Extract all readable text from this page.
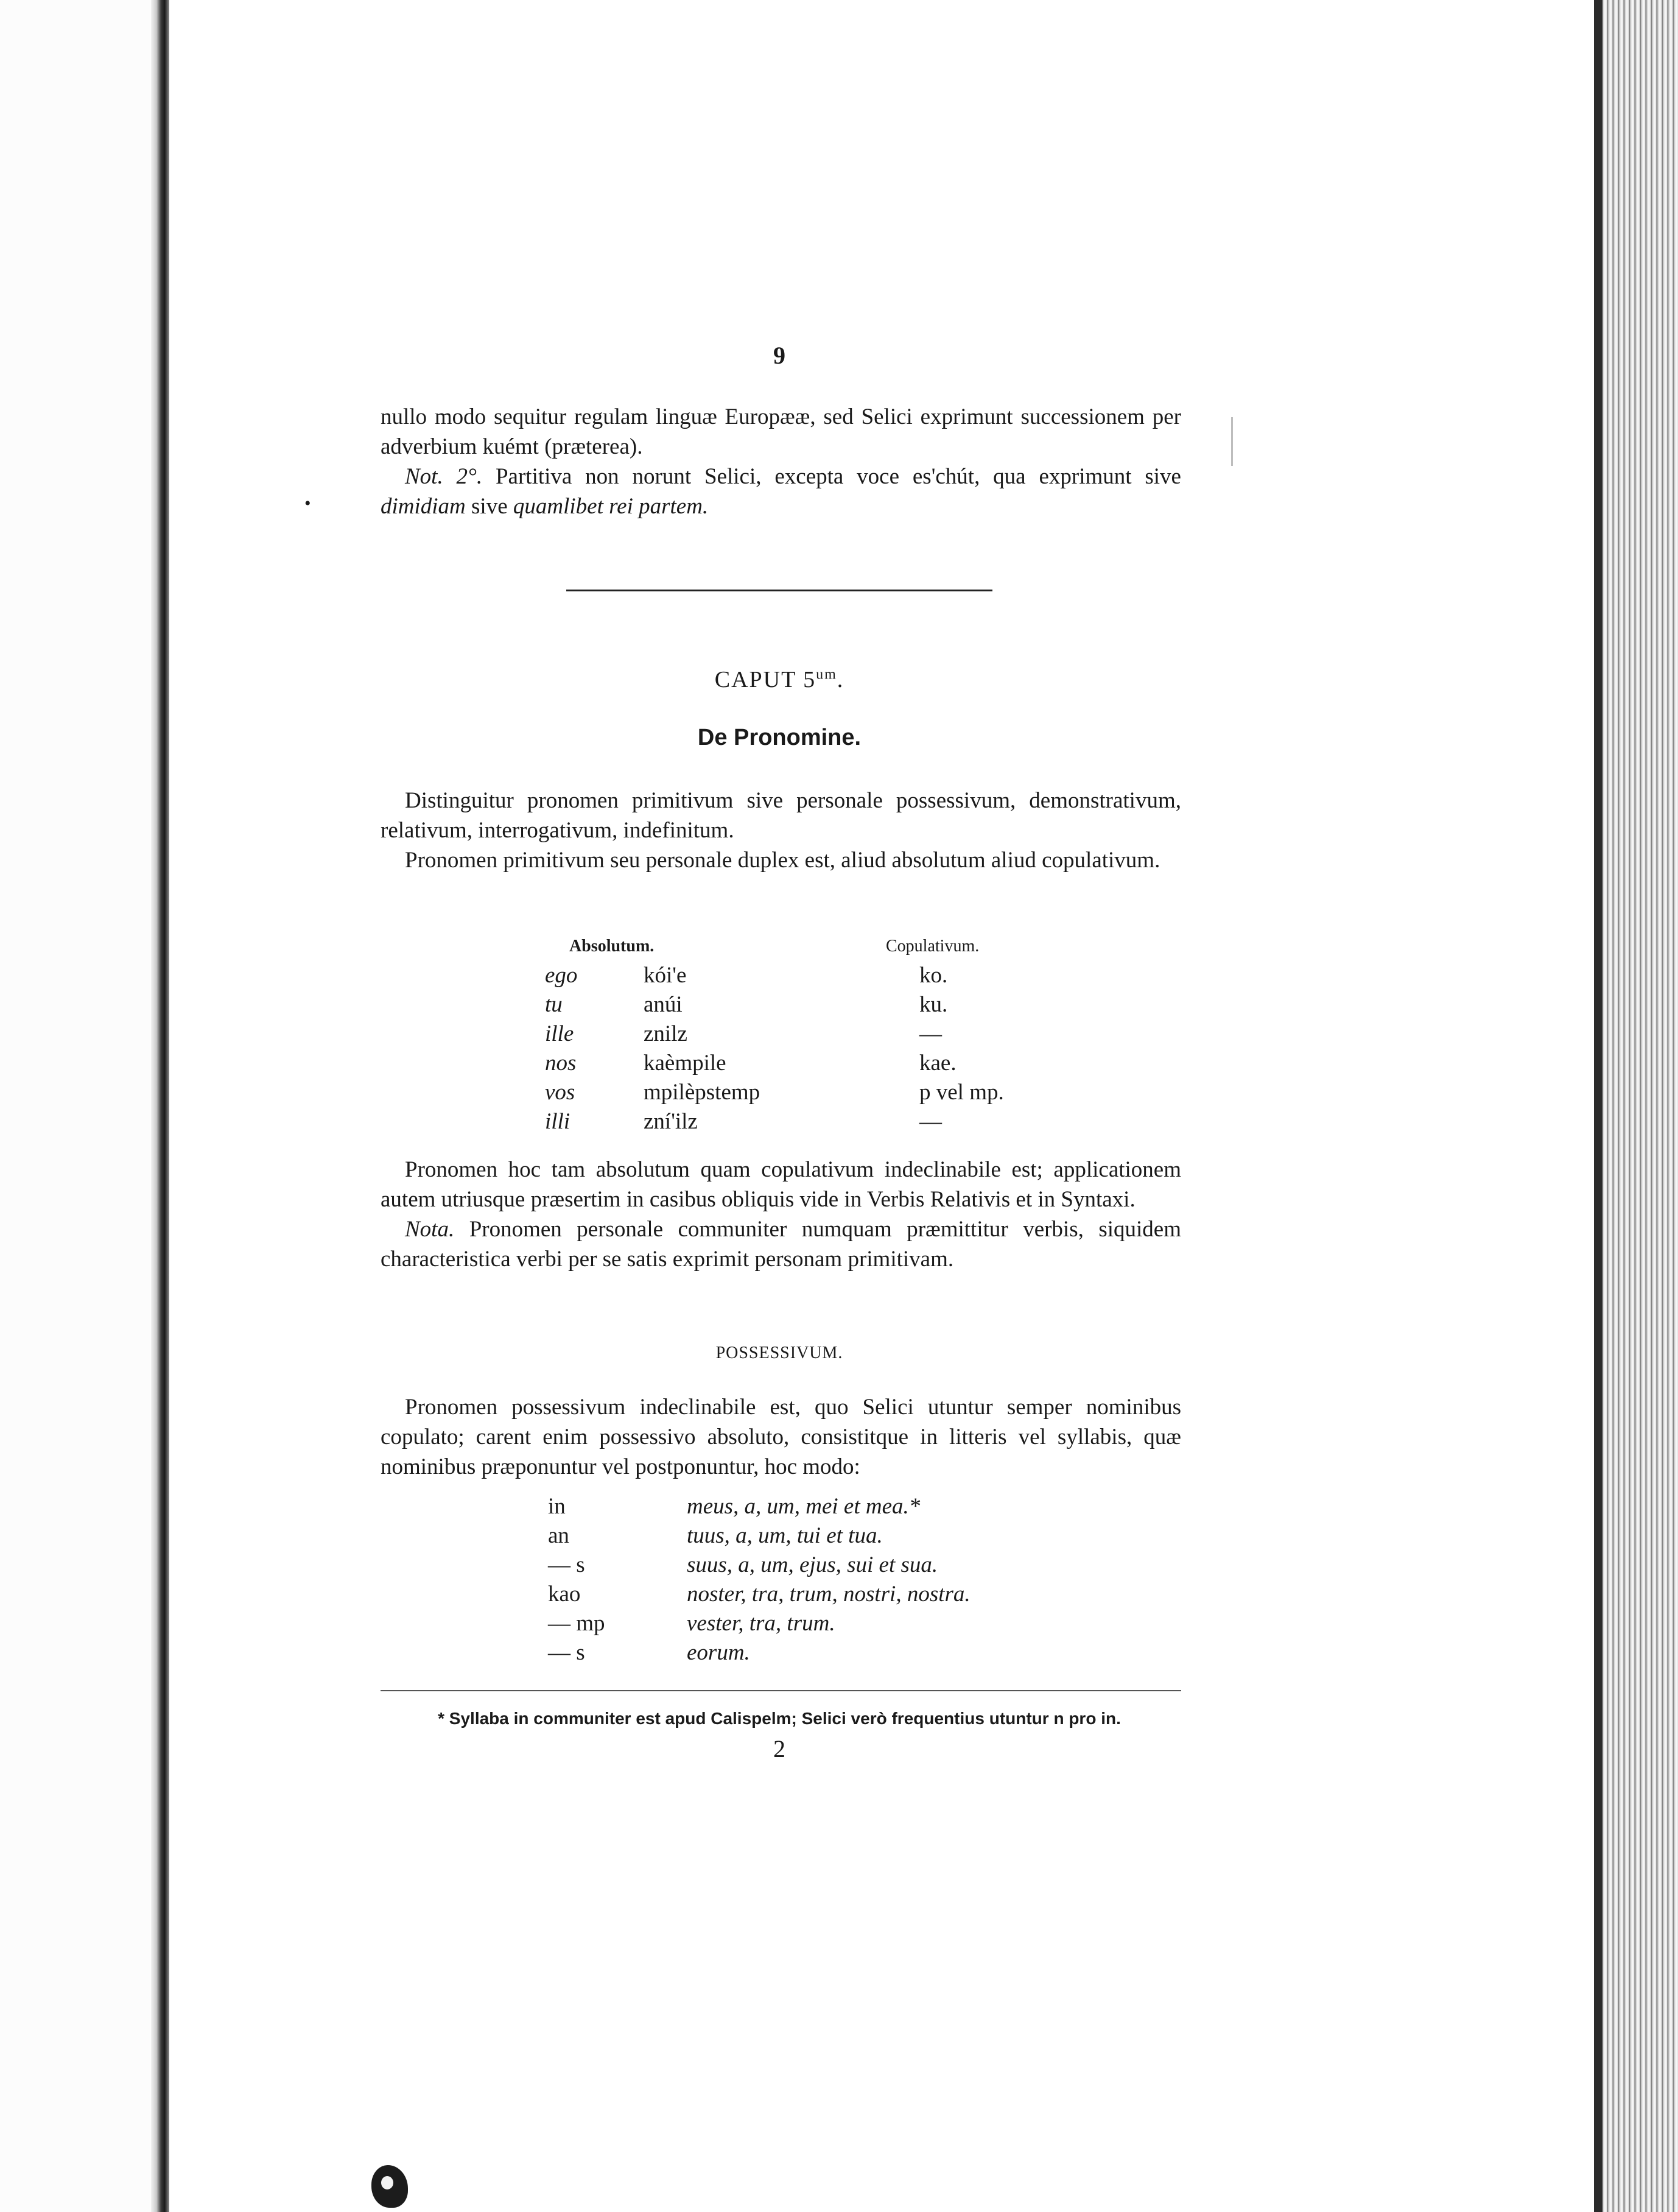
9
nullo modo sequitur regulam linguæ Europææ, sed Selici exprimunt successionem per adverbium kuémt (præterea).
Not. 2°. Partitiva non norunt Selici, excepta voce es'chút, qua exprimunt sive dimidiam sive quamlibet rei partem.
•
CAPUT $5^{um}$.
De Pronomine.
Distinguitur pronomen primitivum sive personale possessivum, demonstrativum, relativum, interrogativum, indefinitum.
Pronomen primitivum seu personale duplex est, aliud absolutum aliud copulativum.
Absolutum.	Copulativum.
ego	kói'e	ko.
tu	anúi	ku.
ille	znilz	—
nos	kaèmpile	kae.
vos	mpilèpstemp	p vel mp.
illi	zní'ilz	—
Pronomen hoc tam absolutum quam copulativum indeclinabile est; applicationem autem utriusque præsertim in casibus obliquis vide in Verbis Relativis et in Syntaxi.
Nota. Pronomen personale communiter numquam præmittitur verbis, siquidem characteristica verbi per se satis exprimit personam primitivam.
POSSESSIVUM.
Pronomen possessivum indeclinabile est, quo Selici utuntur semper nominibus copulato; carent enim possessivo absoluto, consistitque in litteris vel syllabis, quæ nominibus præponuntur vel postponuntur, hoc modo:
in	meus, a, um, mei et mea.*
an	tuus, a, um, tui et tua.
— s	suus, a, um, ejus, sui et sua.
kao	noster, tra, trum, nostri, nostra.
— mp	vester, tra, trum.
— s	eorum.
* Syllaba in communiter est apud Calispelm; Selici verò frequentius utuntur n pro in.
2
